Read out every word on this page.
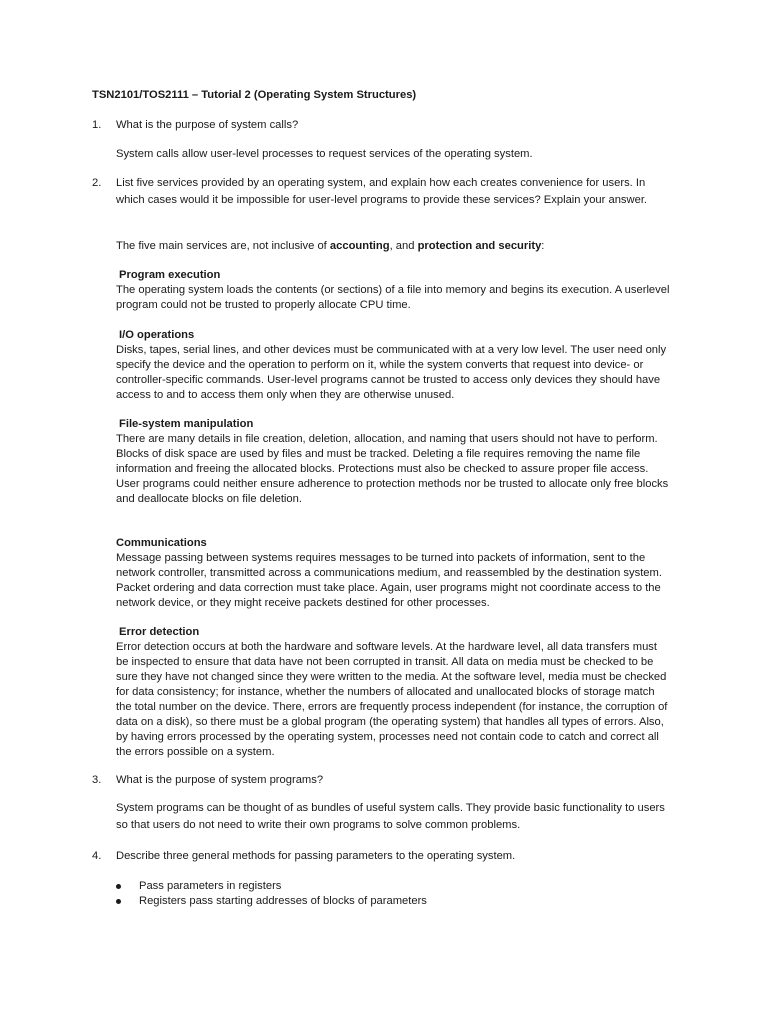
TSN2101/TOS2111 – Tutorial 2 (Operating System Structures)
1. What is the purpose of system calls?
System calls allow user-level processes to request services of the operating system.
2. List five services provided by an operating system, and explain how each creates convenience for users. In which cases would it be impossible for user-level programs to provide these services? Explain your answer.
The five main services are, not inclusive of accounting, and protection and security:
Program execution

The operating system loads the contents (or sections) of a file into memory and begins its execution. A userlevel program could not be trusted to properly allocate CPU time.

I/O operations

Disks, tapes, serial lines, and other devices must be communicated with at a very low level. The user need only specify the device and the operation to perform on it, while the system converts that request into device- or controller-specific commands. User-level programs cannot be trusted to access only devices they should have access to and to access them only when they are otherwise unused.

File-system manipulation

There are many details in file creation, deletion, allocation, and naming that users should not have to perform.

Blocks of disk space are used by files and must be tracked. Deleting a file requires removing the name file information and freeing the allocated blocks. Protections must also be checked to assure proper file access. User programs could neither ensure adherence to protection methods nor be trusted to allocate only free blocks and deallocate blocks on file deletion.

Communications

Message passing between systems requires messages to be turned into packets of information, sent to the network controller, transmitted across a communications medium, and reassembled by the destination system. Packet ordering and data correction must take place. Again, user programs might not coordinate access to the network device, or they might receive packets destined for other processes.

Error detection

Error detection occurs at both the hardware and software levels. At the hardware level, all data transfers must be inspected to ensure that data have not been corrupted in transit. All data on media must be checked to be sure they have not changed since they were written to the media. At the software level, media must be checked for data consistency; for instance, whether the numbers of allocated and unallocated blocks of storage match the total number on the device. There, errors are frequently process independent (for instance, the corruption of data on a disk), so there must be a global program (the operating system) that handles all types of errors. Also, by having errors processed by the operating system, processes need not contain code to catch and correct all the errors possible on a system.

3. What is the purpose of system programs?
System programs can be thought of as bundles of useful system calls. They provide basic functionality to users so that users do not need to write their own programs to solve common problems.
4. Describe three general methods for passing parameters to the operating system.
Pass parameters in registers
Registers pass starting addresses of blocks of parameters
